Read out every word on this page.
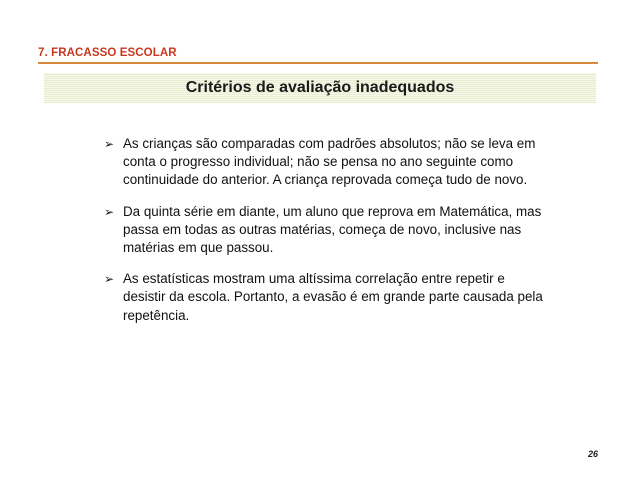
7. FRACASSO ESCOLAR
Critérios de avaliação inadequados
➢ As crianças são comparadas com padrões absolutos; não se leva em conta o progresso individual; não se pensa no ano seguinte como continuidade do anterior. A criança reprovada começa tudo de novo.
➢ Da quinta série em diante, um aluno que reprova em Matemática, mas passa em todas as outras matérias, começa de novo, inclusive nas matérias em que passou.
➢ As estatísticas mostram uma altíssima correlação entre repetir e desistir da escola. Portanto, a evasão é em grande parte causada pela repetência.
26
